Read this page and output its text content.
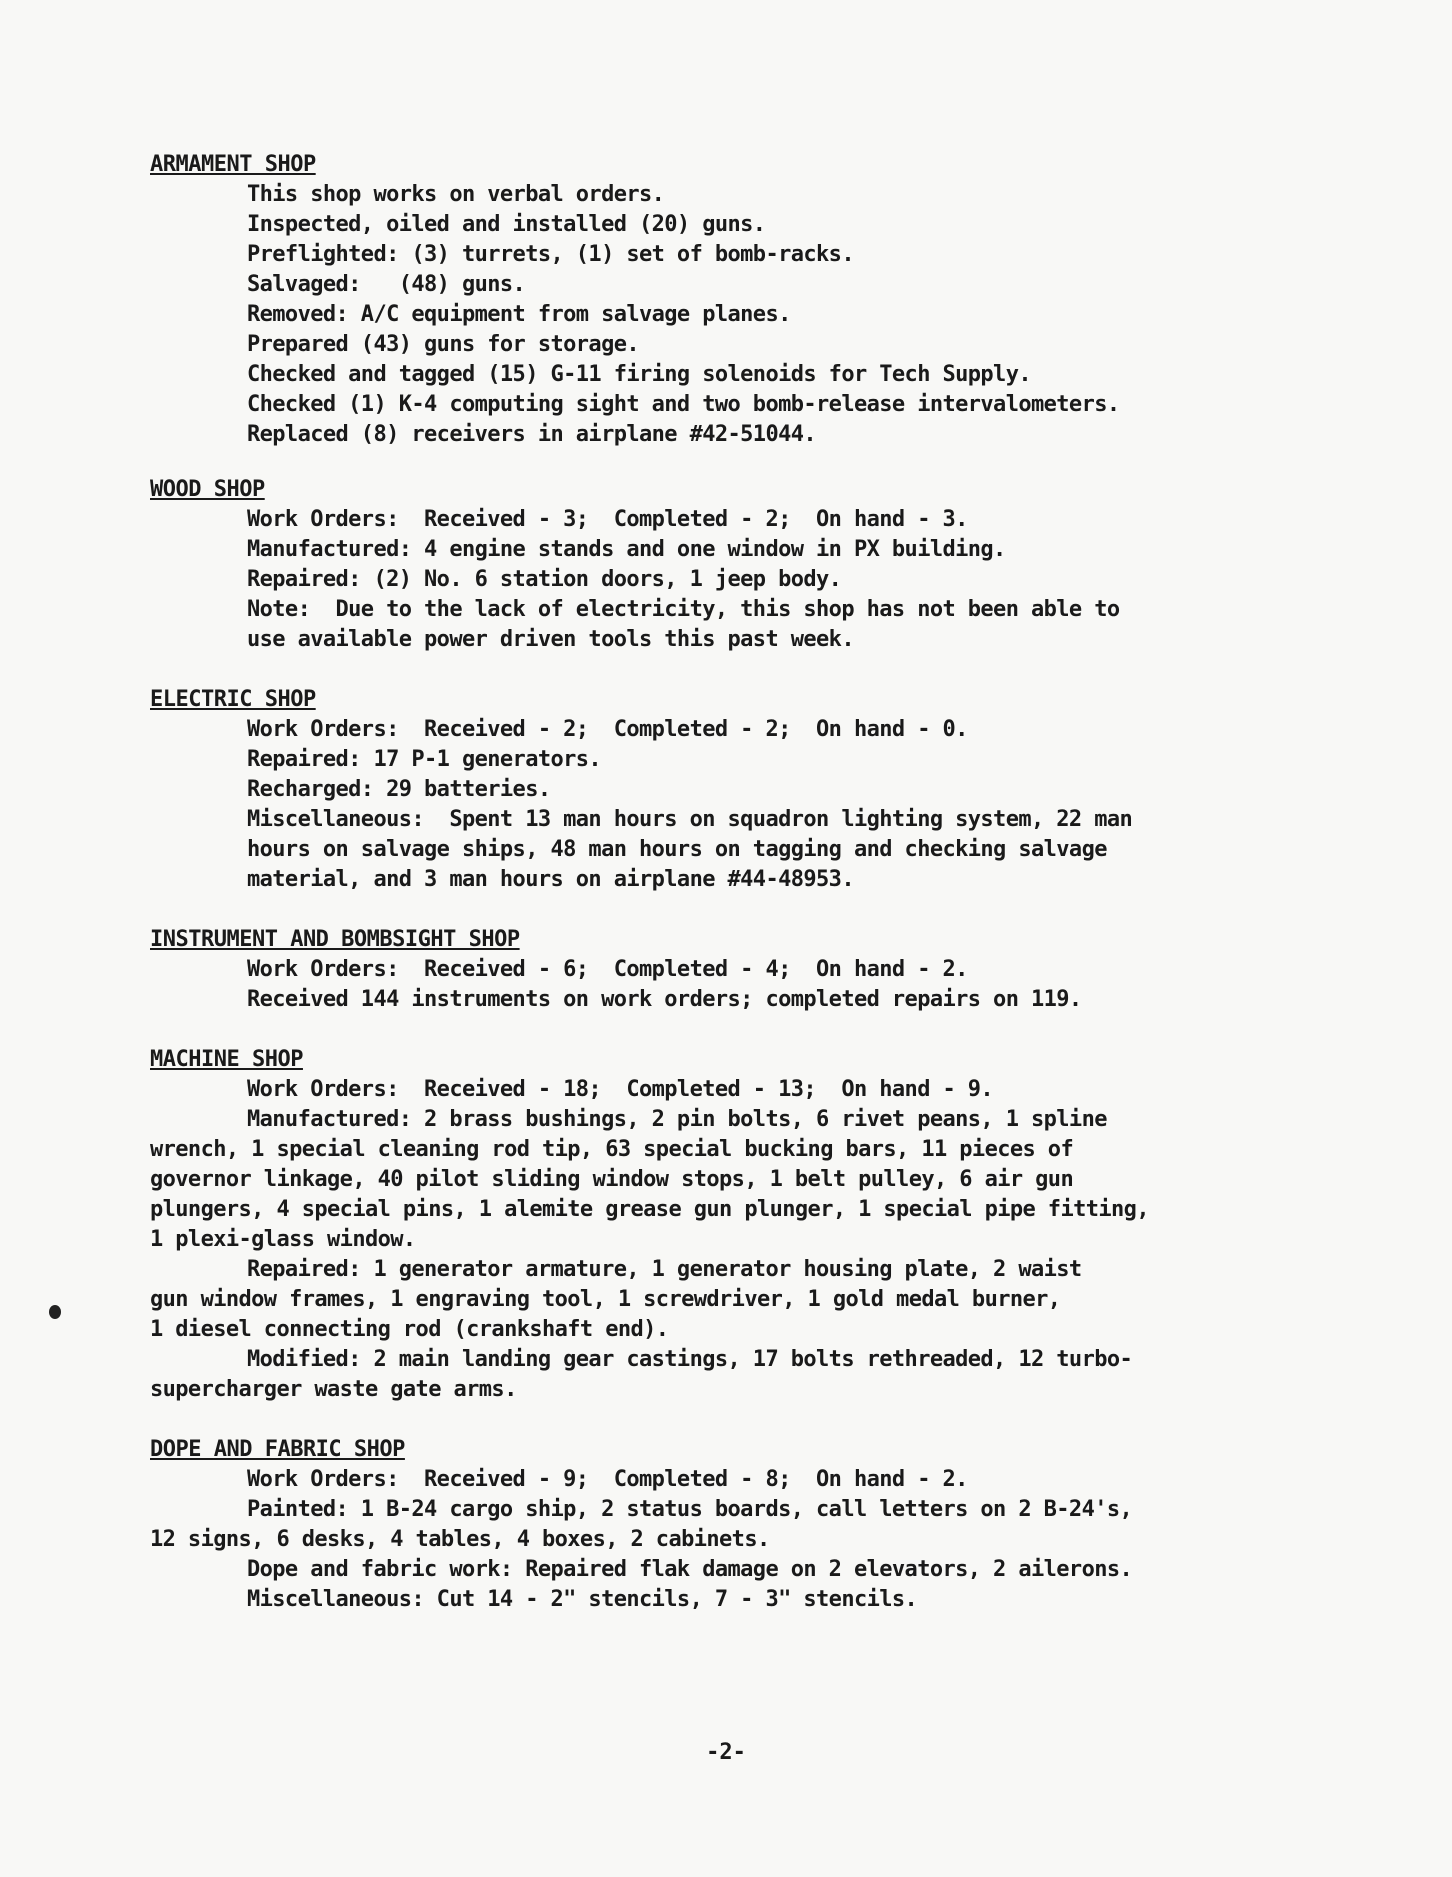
ARMAMENT SHOP
This shop works on verbal orders.
Inspected, oiled and installed (20) guns.
Preflighted: (3) turrets, (1) set of bomb-racks.
Salvaged:   (48) guns.
Removed: A/C equipment from salvage planes.
Prepared (43) guns for storage.
Checked and tagged (15) G-11 firing solenoids for Tech Supply.
Checked (1) K-4 computing sight and two bomb-release intervalometers.
Replaced (8) receivers in airplane #42-51044.
WOOD SHOP
Work Orders:  Received - 3;  Completed - 2;  On hand - 3.
Manufactured: 4 engine stands and one window in PX building.
Repaired: (2) No. 6 station doors, 1 jeep body.
Note:  Due to the lack of electricity, this shop has not been able to
use available power driven tools this past week.
ELECTRIC SHOP
Work Orders:  Received - 2;  Completed - 2;  On hand - 0.
Repaired: 17 P-1 generators.
Recharged: 29 batteries.
Miscellaneous:  Spent 13 man hours on squadron lighting system, 22 man
hours on salvage ships, 48 man hours on tagging and checking salvage
material, and 3 man hours on airplane #44-48953.
INSTRUMENT AND BOMBSIGHT SHOP
Work Orders:  Received - 6;  Completed - 4;  On hand - 2.
Received 144 instruments on work orders; completed repairs on 119.
MACHINE SHOP
Work Orders:  Received - 18;  Completed - 13;  On hand - 9.
Manufactured: 2 brass bushings, 2 pin bolts, 6 rivet peans, 1 spline
wrench, 1 special cleaning rod tip, 63 special bucking bars, 11 pieces of
governor linkage, 40 pilot sliding window stops, 1 belt pulley, 6 air gun
plungers, 4 special pins, 1 alemite grease gun plunger, 1 special pipe fitting,
1 plexi-glass window.
Repaired: 1 generator armature, 1 generator housing plate, 2 waist
gun window frames, 1 engraving tool, 1 screwdriver, 1 gold medal burner,
1 diesel connecting rod (crankshaft end).
Modified: 2 main landing gear castings, 17 bolts rethreaded, 12 turbo-
supercharger waste gate arms.
DOPE AND FABRIC SHOP
Work Orders:  Received - 9;  Completed - 8;  On hand - 2.
Painted: 1 B-24 cargo ship, 2 status boards, call letters on 2 B-24's,
12 signs, 6 desks, 4 tables, 4 boxes, 2 cabinets.
Dope and fabric work: Repaired flak damage on 2 elevators, 2 ailerons.
Miscellaneous: Cut 14 - 2" stencils, 7 - 3" stencils.
-2-
